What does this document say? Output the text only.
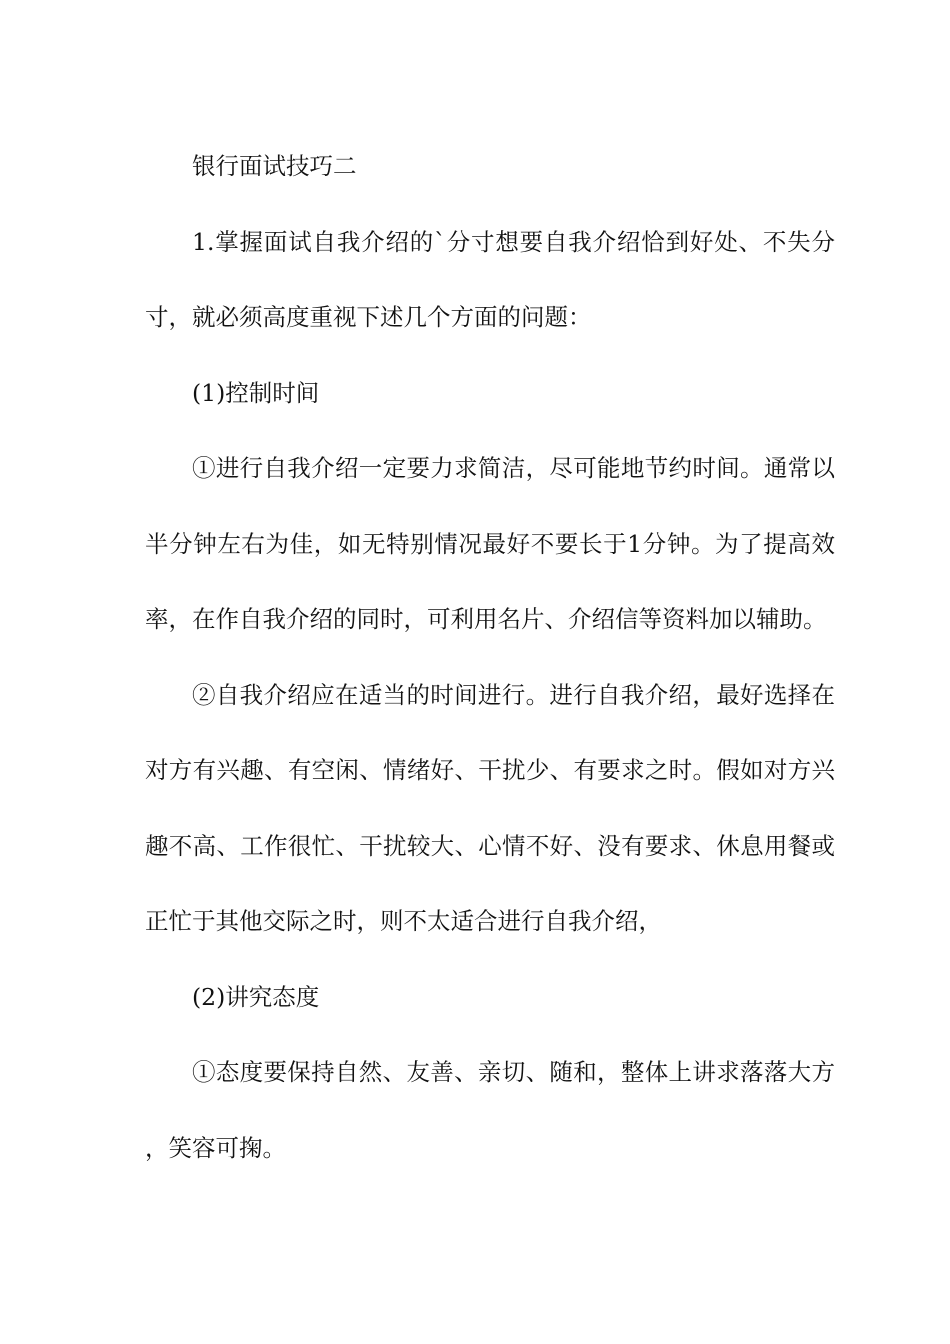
银行面试技巧二

1.掌握面试自我介绍的`分寸想要自我介绍恰到好处、不失分寸，就必须高度重视下述几个方面的问题：

(1)控制时间

①进行自我介绍一定要力求简洁，尽可能地节约时间。通常以半分钟左右为佳，如无特别情况最好不要长于1分钟。为了提高效率，在作自我介绍的同时，可利用名片、介绍信等资料加以辅助。

②自我介绍应在适当的时间进行。进行自我介绍，最好选择在对方有兴趣、有空闲、情绪好、干扰少、有要求之时。假如对方兴趣不高、工作很忙、干扰较大、心情不好、没有要求、休息用餐或正忙于其他交际之时，则不太适合进行自我介绍，

(2)讲究态度

①态度要保持自然、友善、亲切、随和，整体上讲求落落大方，笑容可掬。
